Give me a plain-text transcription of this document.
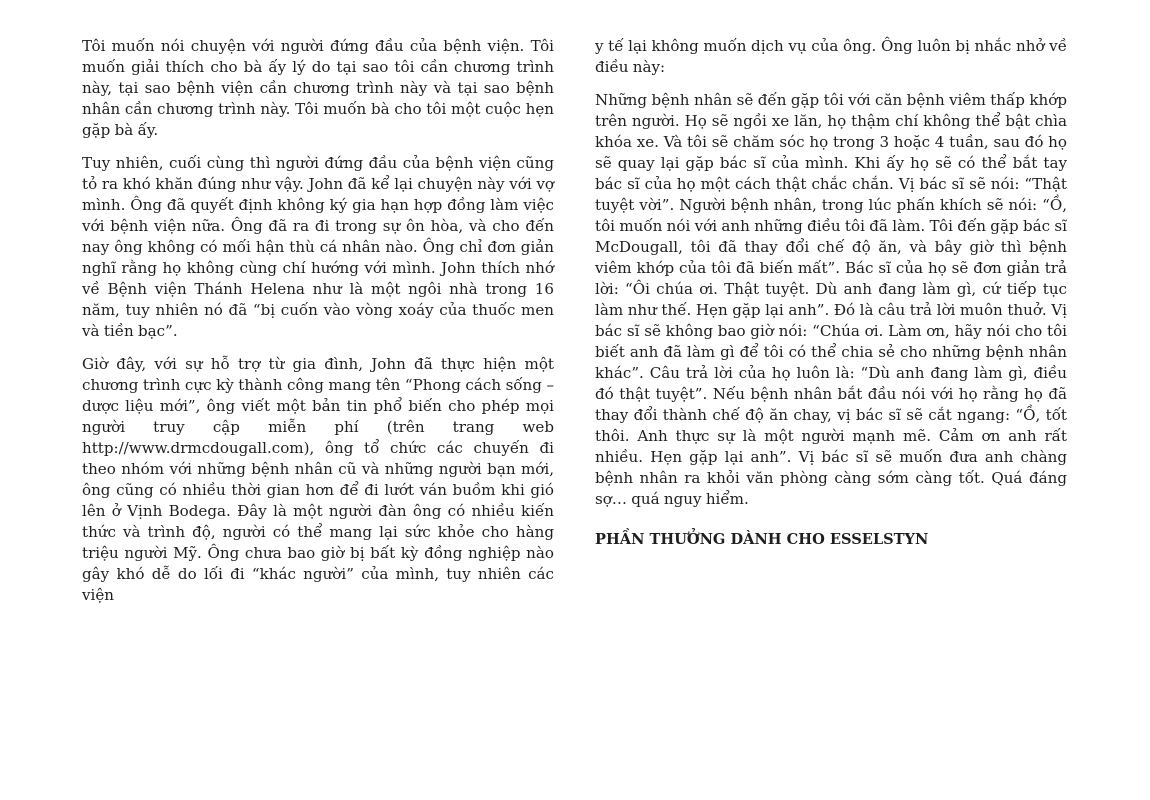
Tôi muốn nói chuyện với người đứng đầu của bệnh viện. Tôi muốn giải thích cho bà ấy lý do tại sao tôi cần chương trình này, tại sao bệnh viện cần chương trình này và tại sao bệnh nhân cần chương trình này. Tôi muốn bà cho tôi một cuộc hẹn gặp bà ấy.

Tuy nhiên, cuối cùng thì người đứng đầu của bệnh viện cũng tỏ ra khó khăn đúng như vậy. John đã kể lại chuyện này với vợ mình. Ông đã quyết định không ký gia hạn hợp đồng làm việc với bệnh viện nữa. Ông đã ra đi trong sự ôn hòa, và cho đến nay ông không có mối hận thù cá nhân nào. Ông chỉ đơn giản nghĩ rằng họ không cùng chí hướng với mình. John thích nhớ về Bệnh viện Thánh Helena như là một ngôi nhà trong 16 năm, tuy nhiên nó đã “bị cuốn vào vòng xoáy của thuốc men và tiền bạc”.

Giờ đây, với sự hỗ trợ từ gia đình, John đã thực hiện một chương trình cực kỳ thành công mang tên “Phong cách sống – dược liệu mới”, ông viết một bản tin phổ biến cho phép mọi người truy cập miễn phí (trên trang web http://www.drmcdougall.com), ông tổ chức các chuyến đi theo nhóm với những bệnh nhân cũ và những người bạn mới, ông cũng có nhiều thời gian hơn để đi lướt ván buồm khi gió lên ở Vịnh Bodega. Đây là một người đàn ông có nhiều kiến thức và trình độ, người có thể mang lại sức khỏe cho hàng triệu người Mỹ. Ông chưa bao giờ bị bất kỳ đồng nghiệp nào gây khó dễ do lối đi “khác người” của mình, tuy nhiên các viện

y tế lại không muốn dịch vụ của ông. Ông luôn bị nhắc nhở về điều này:

Những bệnh nhân sẽ đến gặp tôi với căn bệnh viêm thấp khớp trên người. Họ sẽ ngồi xe lăn, họ thậm chí không thể bật chìa khóa xe. Và tôi sẽ chăm sóc họ trong 3 hoặc 4 tuần, sau đó họ sẽ quay lại gặp bác sĩ của mình. Khi ấy họ sẽ có thể bắt tay bác sĩ của họ một cách thật chắc chắn. Vị bác sĩ sẽ nói: “Thật tuyệt vời”. Người bệnh nhân, trong lúc phấn khích sẽ nói: “Ồ, tôi muốn nói với anh những điều tôi đã làm. Tôi đến gặp bác sĩ McDougall, tôi đã thay đổi chế độ ăn, và bây giờ thì bệnh viêm khớp của tôi đã biến mất”. Bác sĩ của họ sẽ đơn giản trả lời: “Ôi chúa ơi. Thật tuyệt. Dù anh đang làm gì, cứ tiếp tục làm như thế. Hẹn gặp lại anh”. Đó là câu trả lời muôn thuở. Vị bác sĩ sẽ không bao giờ nói: “Chúa ơi. Làm ơn, hãy nói cho tôi biết anh đã làm gì để tôi có thể chia sẻ cho những bệnh nhân khác”. Câu trả lời của họ luôn là: “Dù anh đang làm gì, điều đó thật tuyệt”. Nếu bệnh nhân bắt đầu nói với họ rằng họ đã thay đổi thành chế độ ăn chay, vị bác sĩ sẽ cắt ngang: “Ồ, tốt thôi. Anh thực sự là một người mạnh mẽ. Cảm ơn anh rất nhiều. Hẹn gặp lại anh”. Vị bác sĩ sẽ muốn đưa anh chàng bệnh nhân ra khỏi văn phòng càng sớm càng tốt. Quá đáng sợ… quá nguy hiểm.

PHẦN THƯỞNG DÀNH CHO ESSELSTYN
